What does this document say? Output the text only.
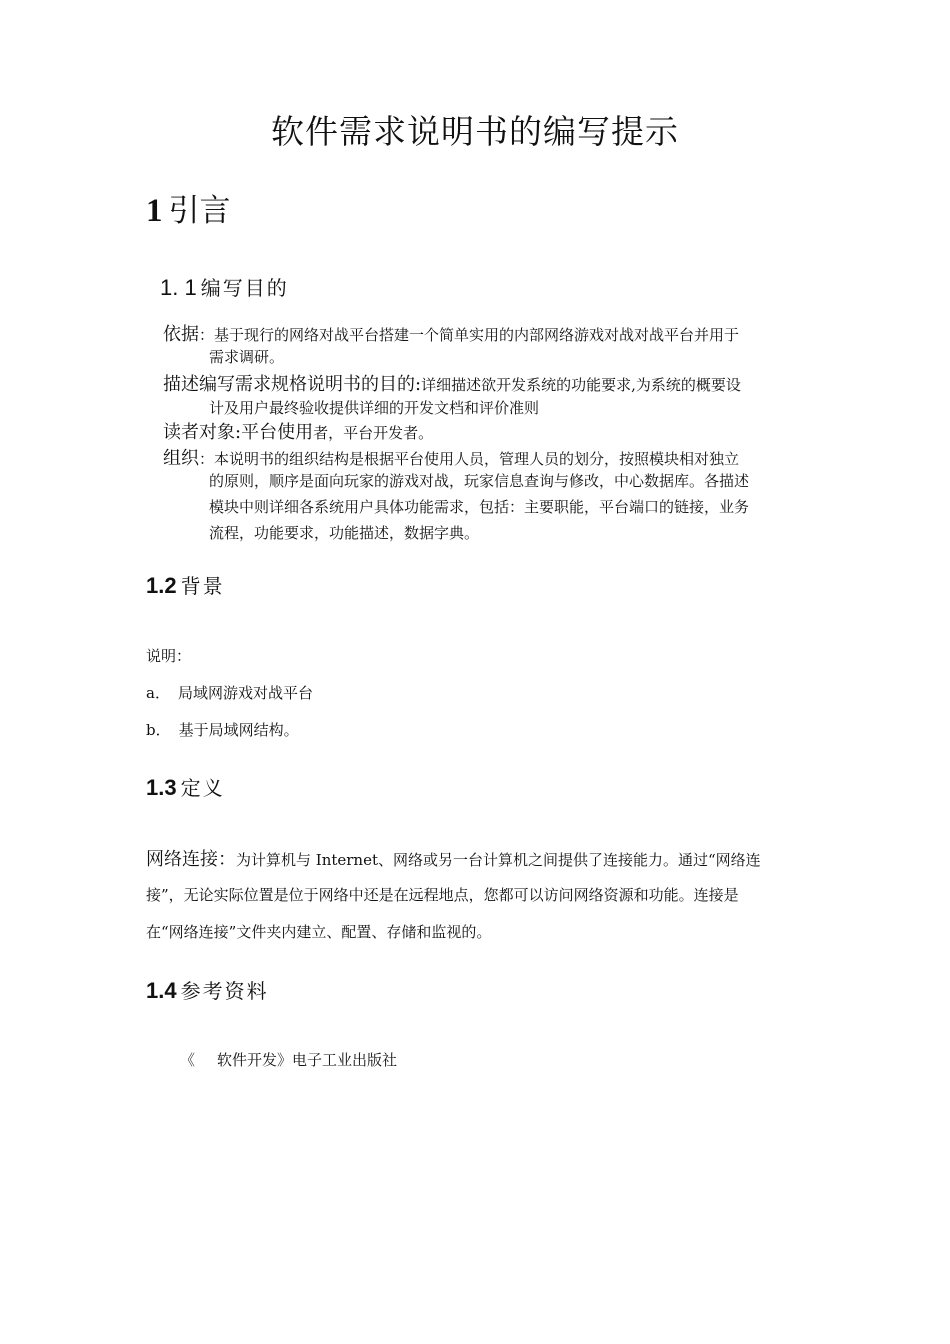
软件需求说明书的编写提示
1 引言
1. 1 编写目的
依据：基于现行的网络对战平台搭建一个简单实用的内部网络游戏对战对战平台并用于
需求调研。
描述编写需求规格说明书的目的:详细描述欲开发系统的功能要求,为系统的概要设
计及用户最终验收提供详细的开发文档和评价准则
读者对象:平台使用者，平台开发者。
组织：本说明书的组织结构是根据平台使用人员，管理人员的划分，按照模块相对独立
的原则，顺序是面向玩家的游戏对战，玩家信息查询与修改，中心数据库。各描述
模块中则详细各系统用户具体功能需求，包括：主要职能，平台端口的链接，业务
流程，功能要求，功能描述，数据字典。
1.2 背景
说明：
a． 局域网游戏对战平台
b． 基于局域网结构。
1.3 定义
网络连接：为计算机与 Internet、网络或另一台计算机之间提供了连接能力。通过“网络连
接”，无论实际位置是位于网络中还是在远程地点，您都可以访问网络资源和功能。连接是
在“网络连接”文件夹内建立、配置、存储和监视的。
1.4 参考资料
《 软件开发》电子工业出版社
